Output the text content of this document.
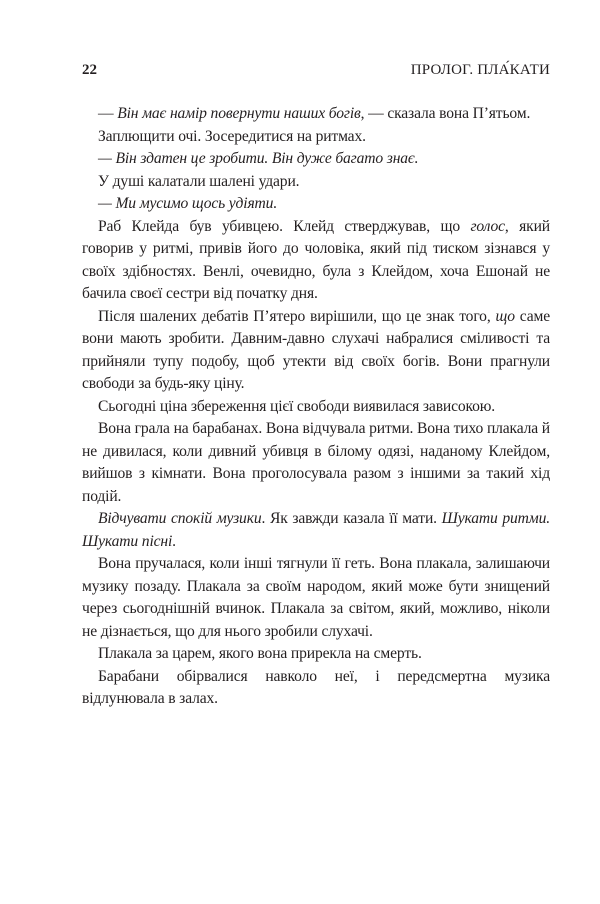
22	ПРОЛОГ. ПЛА́КАТИ

— Він має намір повернути наших богів, — сказала вона П’ятьом.

Заплющити очі. Зосередитися на ритмах.

— Він здатен це зробити. Він дуже багато знає.

У душі калатали шалені удари.

— Ми мусимо щось удіяти.

Раб Клейда був убивцею. Клейд стверджував, що голос, який говорив у ритмі, привів його до чоловіка, який під тиском зізнався у своїх здібностях. Венлі, очевидно, була з Клейдом, хоча Ешонай не бачила своєї сестри від початку дня.

Після шалених дебатів П’ятеро вирішили, що це знак того, що саме вони мають зробити. Давним-давно слухачі набралися сміливості та прийняли тупу подобу, щоб утекти від своїх богів. Вони прагнули свободи за будь-яку ціну.

Сьогодні ціна збереження цієї свободи виявилася зависокою.

Вона грала на барабанах. Вона відчувала ритми. Вона тихо плакала й не дивилася, коли дивний убивця в білому одязі, наданому Клейдом, вийшов з кімнати. Вона проголосувала разом з іншими за такий хід подій.

Відчувати спокій музики. Як завжди казала її мати. Шукати ритми. Шукати пісні.

Вона пручалася, коли інші тягнули її геть. Вона плакала, залишаючи музику позаду. Плакала за своїм народом, який може бути знищений через сьогоднішній вчинок. Плакала за світом, який, можливо, ніколи не дізнається, що для нього зробили слухачі.

Плакала за царем, якого вона прирекла на смерть.

Барабани обірвалися навколо неї, і передсмертна музика відлунювала в залах.
